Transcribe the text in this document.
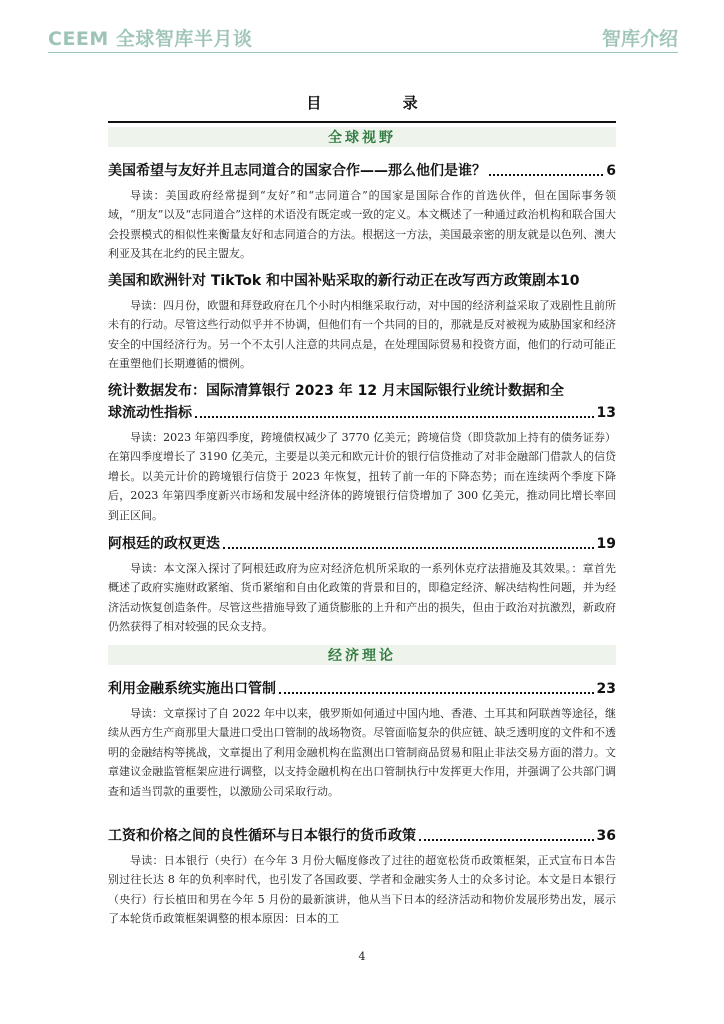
CEEM 全球智库半月谈	智库介绍
目 录
全球视野
美国希望与友好并且志同道合的国家合作——那么他们是谁？	6
导读：美国政府经常提到“友好”和“志同道合”的国家是国际合作的首选伙伴，但在国际事务领域，“朋友”以及“志同道合”这样的术语没有既定或一致的定义。本文概述了一种通过政治机构和联合国大会投票模式的相似性来衡量友好和志同道合的方法。根据这一方法，美国最亲密的朋友就是以色列、澳大利亚及其在北约的民主盟友。
美国和欧洲针对 TikTok 和中国补贴采取的新行动正在改写西方政策剧本 10
导读：四月份，欧盟和拜登政府在几个小时内相继采取行动，对中国的经济利益采取了戏剧性且前所未有的行动。尽管这些行动似乎并不协调，但他们有一个共同的目的，那就是反对被视为威胁国家和经济安全的中国经济行为。另一个不太引人注意的共同点是，在处理国际贸易和投资方面，他们的行动可能正在重塑他们长期遵循的惯例。
统计数据发布：国际清算银行 2023 年 12 月末国际银行业统计数据和全
球流动性指标	13
导读：2023 年第四季度，跨境债权减少了 3770 亿美元；跨境信贷（即贷款加上持有的债务证券）在第四季度增长了 3190 亿美元，主要是以美元和欧元计价的银行信贷推动了对非金融部门借款人的信贷增长。以美元计价的跨境银行信贷于 2023 年恢复，扭转了前一年的下降态势；而在连续两个季度下降后，2023 年第四季度新兴市场和发展中经济体的跨境银行信贷增加了 300 亿美元，推动同比增长率回到正区间。
阿根廷的政权更迭	19
导读：本文深入探讨了阿根廷政府为应对经济危机所采取的一系列休克疗法措施及其效果。：章首先概述了政府实施财政紧缩、货币紧缩和自由化政策的背景和目的，即稳定经济、解决结构性问题，并为经济活动恢复创造条件。尽管这些措施导致了通货膨胀的上升和产出的损失，但由于政治对抗激烈，新政府仍然获得了相对较强的民众支持。
经济理论
利用金融系统实施出口管制	23
导读：文章探讨了自 2022 年中以来，俄罗斯如何通过中国内地、香港、土耳其和阿联酋等途径，继续从西方生产商那里大量进口受出口管制的战场物资。尽管面临复杂的供应链、缺乏透明度的文件和不透明的金融结构等挑战，文章提出了利用金融机构在监测出口管制商品贸易和阻止非法交易方面的潜力。文章建议金融监管框架应进行调整，以支持金融机构在出口管制执行中发挥更大作用，并强调了公共部门调查和适当罚款的重要性，以激励公司采取行动。
工资和价格之间的良性循环与日本银行的货币政策	36
导读：日本银行（央行）在今年 3 月份大幅度修改了过往的超宽松货币政策框架，正式宣布日本告别过往长达 8 年的负利率时代，也引发了各国政要、学者和金融实务人士的众多讨论。本文是日本银行（央行）行长植田和男在今年 5 月份的最新演讲，他从当下日本的经济活动和物价发展形势出发，展示了本轮货币政策框架调整的根本原因：日本的工
4
